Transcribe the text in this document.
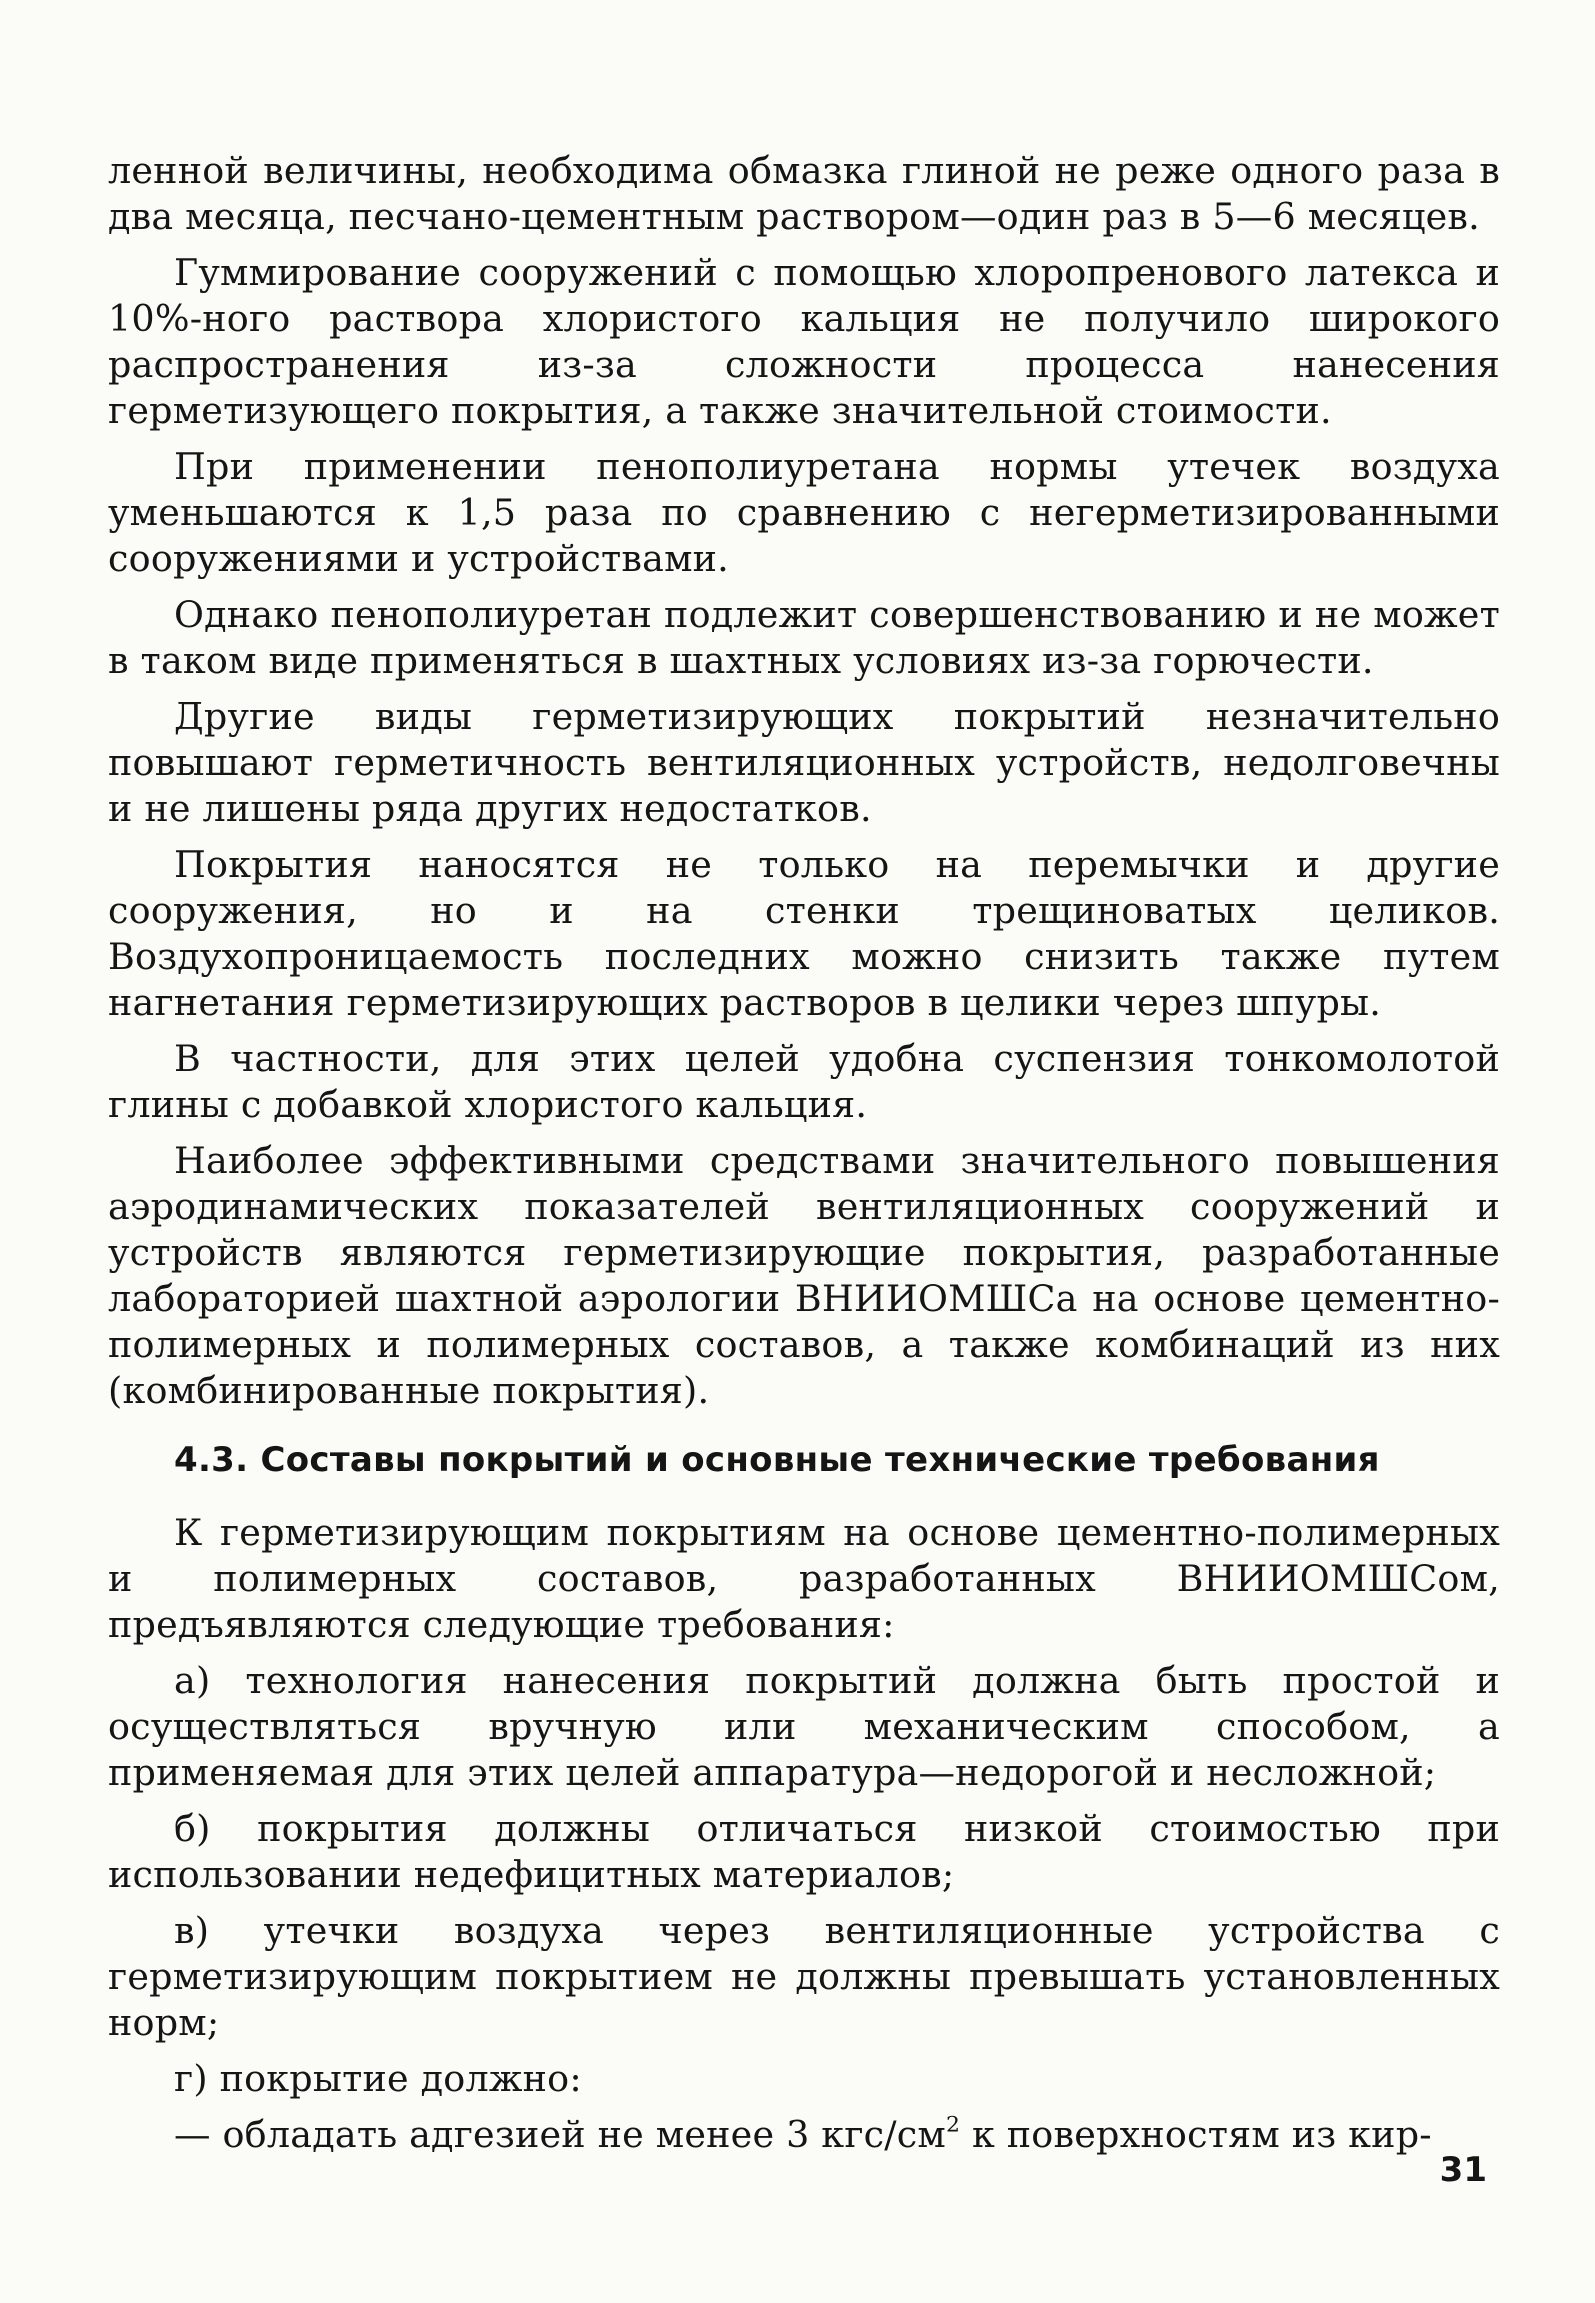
ленной величины, необходима обмазка глиной не реже одного раза в два месяца, песчано-цементным раствором—один раз в 5—6 месяцев.

Гуммирование сооружений с помощью хлоропренового латекса и 10%-ного раствора хлористого кальция не получило широкого распространения из-за сложности процесса нанесения герметизующего покрытия, а также значительной стоимости.

При применении пенополиуретана нормы утечек воздуха уменьшаются к 1,5 раза по сравнению с негерметизированными сооружениями и устройствами.

Однако пенополиуретан подлежит совершенствованию и не может в таком виде применяться в шахтных условиях из-за горючести.

Другие виды герметизирующих покрытий незначительно повышают герметичность вентиляционных устройств, недолговечны и не лишены ряда других недостатков.

Покрытия наносятся не только на перемычки и другие сооружения, но и на стенки трещиноватых целиков. Воздухопроницаемость последних можно снизить также путем нагнетания герметизирующих растворов в целики через шпуры.

В частности, для этих целей удобна суспензия тонкомолотой глины с добавкой хлористого кальция.

Наиболее эффективными средствами значительного повышения аэродинамических показателей вентиляционных сооружений и устройств являются герметизирующие покрытия, разработанные лабораторией шахтной аэрологии ВНИИОМШСа на основе цементно-полимерных и полимерных составов, а также комбинаций из них (комбинированные покрытия).

4.3. Составы покрытий и основные технические требования

К герметизирующим покрытиям на основе цементно-полимерных и полимерных составов, разработанных ВНИИОМШСом, предъявляются следующие требования:

а) технология нанесения покрытий должна быть простой и осуществляться вручную или механическим способом, а применяемая для этих целей аппаратура—недорогой и несложной;

б) покрытия должны отличаться низкой стоимостью при использовании недефицитных материалов;

в) утечки воздуха через вентиляционные устройства с герметизирующим покрытием не должны превышать установленных норм;

г) покрытие должно:

— обладать адгезией не менее 3 кгс/$см^2$ к поверхностям из кир-

31
